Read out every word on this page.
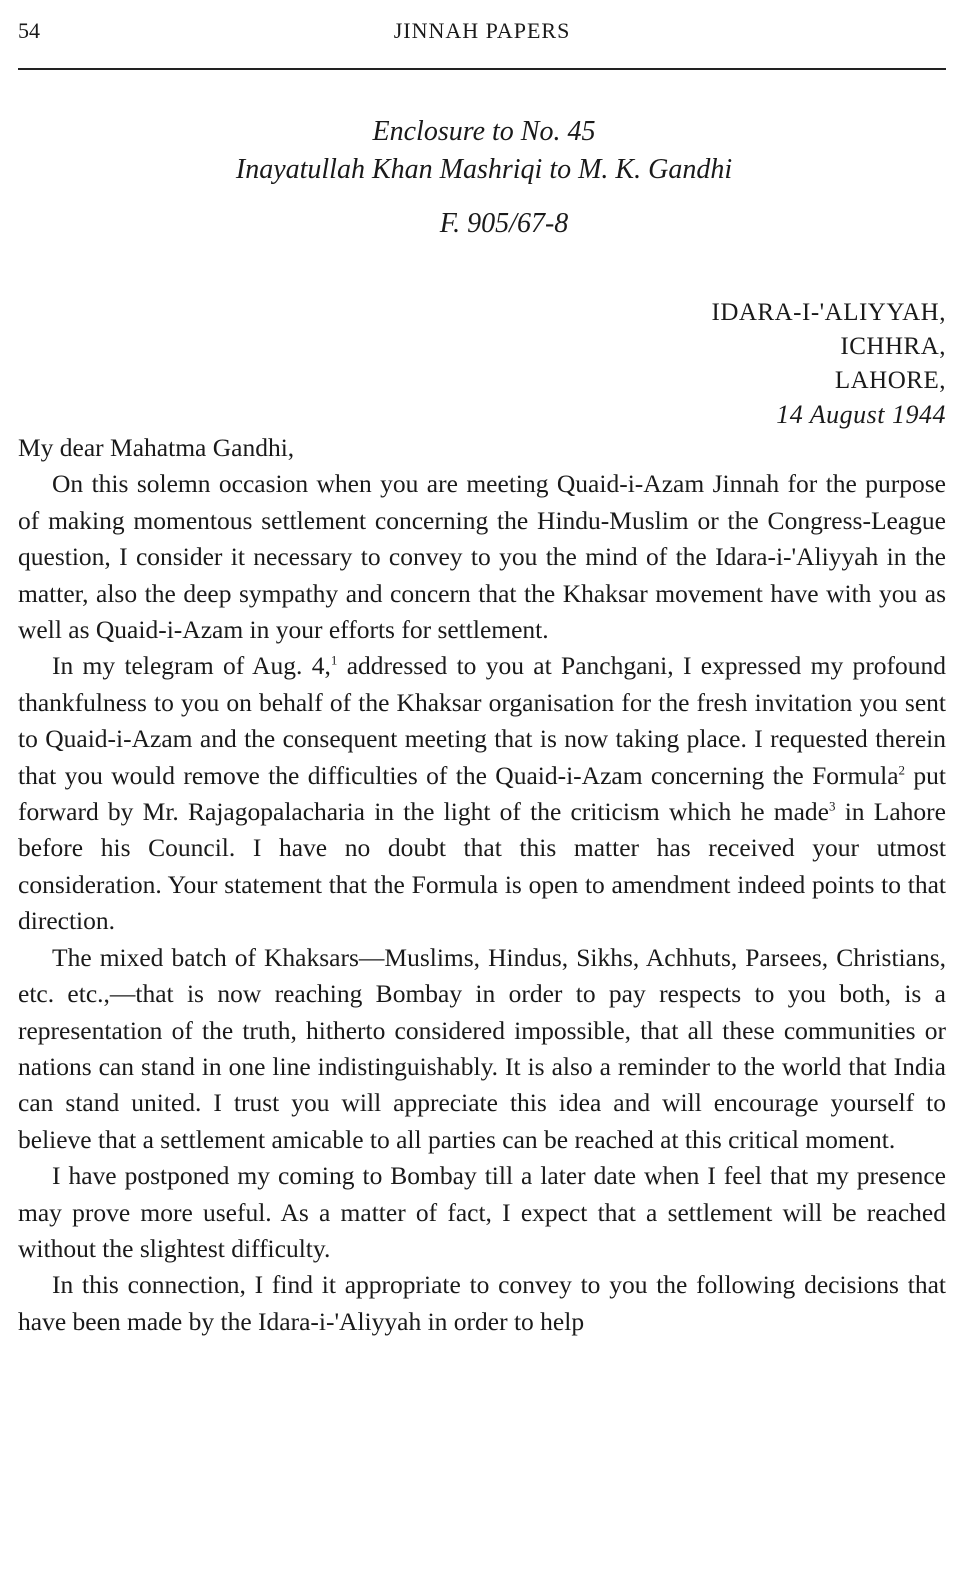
54	JINNAH PAPERS
Enclosure to No. 45
Inayatullah Khan Mashriqi to M. K. Gandhi
F. 905/67-8
IDARA-I-'ALIYYAH,
ICHHRA,
LAHORE,
14 August 1944

My dear Mahatma Gandhi,

On this solemn occasion when you are meeting Quaid-i-Azam Jinnah for the purpose of making momentous settlement concerning the Hindu-Muslim or the Congress-League question, I consider it necessary to convey to you the mind of the Idara-i-'Aliyyah in the matter, also the deep sympathy and concern that the Khaksar movement have with you as well as Quaid-i-Azam in your efforts for settlement.

In my telegram of Aug. 4,$^1$ addressed to you at Panchgani, I expressed my profound thankfulness to you on behalf of the Khaksar organisation for the fresh invitation you sent to Quaid-i-Azam and the consequent meeting that is now taking place. I requested therein that you would remove the difficulties of the Quaid-i-Azam concerning the Formula$^2$ put forward by Mr. Rajagopalacharia in the light of the criticism which he made$^3$ in Lahore before his Council. I have no doubt that this matter has received your utmost consideration. Your statement that the Formula is open to amendment indeed points to that direction.

The mixed batch of Khaksars—Muslims, Hindus, Sikhs, Achhuts, Parsees, Christians, etc. etc.,—that is now reaching Bombay in order to pay respects to you both, is a representation of the truth, hitherto considered impossible, that all these communities or nations can stand in one line indistinguishably. It is also a reminder to the world that India can stand united. I trust you will appreciate this idea and will encourage yourself to believe that a settlement amicable to all parties can be reached at this critical moment.

I have postponed my coming to Bombay till a later date when I feel that my presence may prove more useful. As a matter of fact, I expect that a settlement will be reached without the slightest difficulty.

In this connection, I find it appropriate to convey to you the following decisions that have been made by the Idara-i-'Aliyyah in order to help
